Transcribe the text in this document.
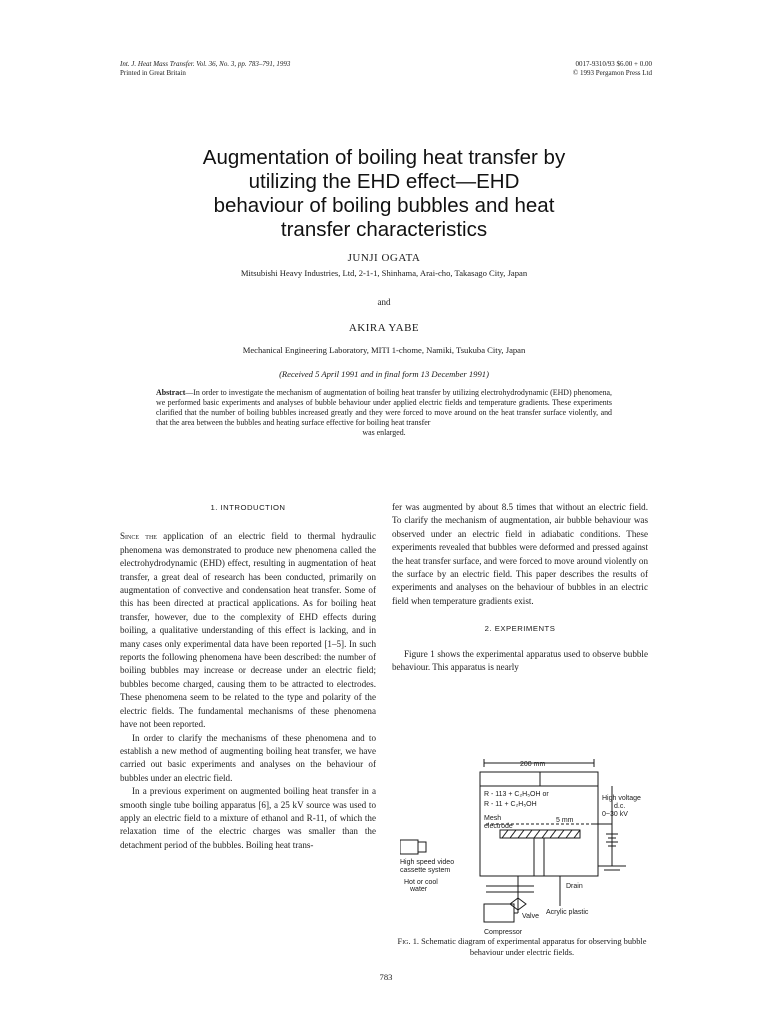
Int. J. Heat Mass Transfer. Vol. 36, No. 3, pp. 783–791, 1993
Printed in Great Britain
0017-9310/93 $6.00 + 0.00
© 1993 Pergamon Press Ltd
Augmentation of boiling heat transfer by
utilizing the EHD effect—EHD
behaviour of boiling bubbles and heat
transfer characteristics
JUNJI OGATA
Mitsubishi Heavy Industries, Ltd, 2-1-1, Shinhama, Arai-cho, Takasago City, Japan
and
AKIRA YABE
Mechanical Engineering Laboratory, MITI 1-chome, Namiki, Tsukuba City, Japan
(Received 5 April 1991 and in final form 13 December 1991)
Abstract—In order to investigate the mechanism of augmentation of boiling heat transfer by utilizing electrohydrodynamic (EHD) phenomena, we performed basic experiments and analyses of bubble behaviour under applied electric fields and temperature gradients. These experiments clarified that the number of boiling bubbles increased greatly and they were forced to move around on the heat transfer surface violently, and that the area between the bubbles and heating surface effective for boiling heat transfer
was enlarged.
1. INTRODUCTION

Since the application of an electric field to thermal hydraulic phenomena was demonstrated to produce new phenomena called the electrohydrodynamic (EHD) effect, resulting in augmentation of heat transfer, a great deal of research has been conducted, primarily on augmentation of convective and condensation heat transfer. Some of this has been directed at practical applications. As for boiling heat transfer, however, due to the complexity of EHD effects during boiling, a qualitative understanding of this effect is lacking, and in many cases only experimental data have been reported [1–5]. In such reports the following phenomena have been described: the number of boiling bubbles may increase or decrease under an electric field; bubbles become charged, causing them to be attracted to electrodes. These phenomena seem to be related to the type and polarity of the electric fields. The fundamental mechanisms of these phenomena have not been reported.

In order to clarify the mechanisms of these phenomena and to establish a new method of augmenting boiling heat transfer, we have carried out basic experiments and analyses on the behaviour of bubbles under an electric field.

In a previous experiment on augmented boiling heat transfer in a smooth single tube boiling apparatus [6], a 25 kV source was used to apply an electric field to a mixture of ethanol and R-11, of which the relaxation time of the electric charges was smaller than the detachment period of the bubbles. Boiling heat trans-

fer was augmented by about 8.5 times that without an electric field. To clarify the mechanism of augmentation, air bubble behaviour was observed under an electric field in adiabatic conditions. These experiments revealed that bubbles were deformed and pressed against the heat transfer surface, and were forced to move around violently on the surface by an electric field. This paper describes the results of experiments and analyses on the behaviour of bubbles in an electric field when temperature gradients exist.

2. EXPERIMENTS

Figure 1 shows the experimental apparatus used to observe bubble behaviour. This apparatus is nearly

200 mm
R - 113 + C₂H₅OH or
R - 11 + C₂H₅OH
High voltage
d.c.
0~30 kV
Mesh
electrode
5 mm
High speed video
cassette system
Hot or cool
water	Drain
Valve
Acrylic plastic
Compressor
Fig. 1. Schematic diagram of experimental apparatus for observing bubble behaviour under electric fields.
783
